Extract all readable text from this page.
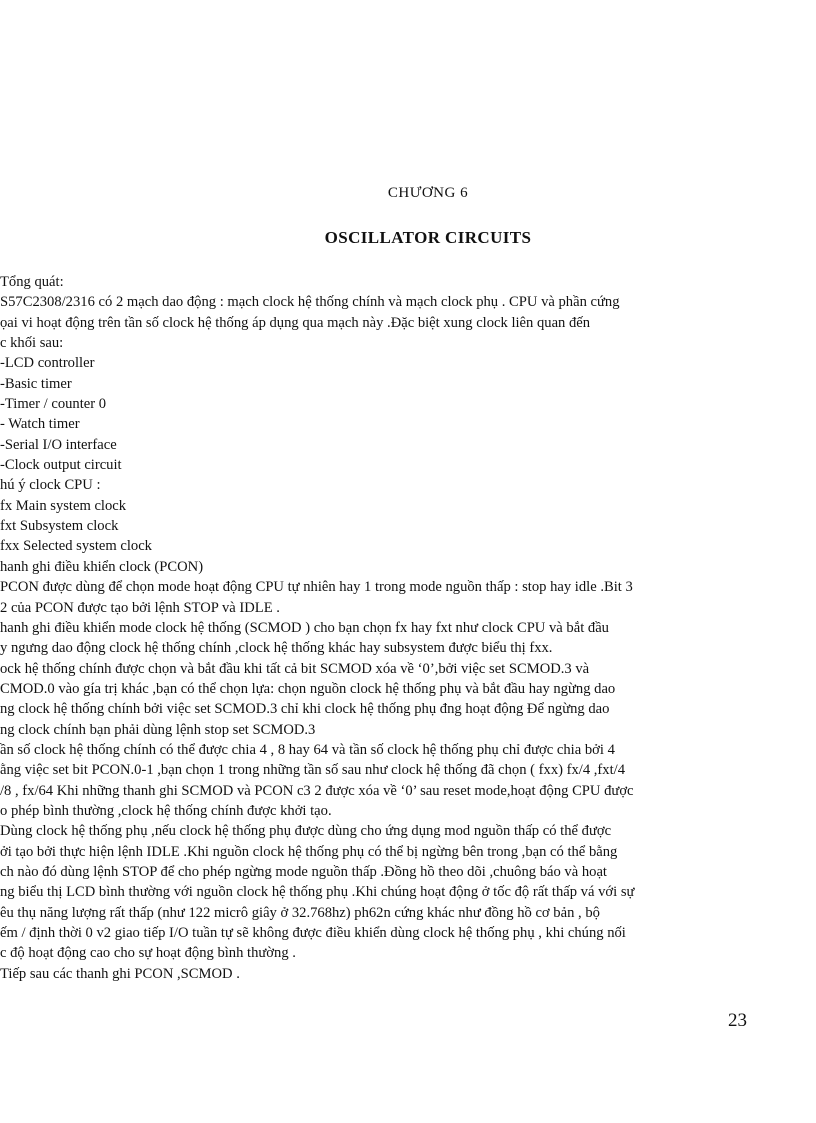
CHƯƠNG 6
OSCILLATOR CIRCUITS
Tổng quát:
S57C2308/2316 có 2 mạch dao động : mạch clock hệ thống chính và mạch clock phụ . CPU và phần cứng
ọai vi hoạt động trên tần số clock hệ thống áp dụng qua mạch này .Đặc biệt xung clock liên quan đến
c khối sau:
-LCD controller
-Basic timer
-Timer / counter 0
- Watch timer
-Serial I/O interface
-Clock output circuit
hú ý clock CPU :
fx Main system clock
fxt Subsystem clock
fxx Selected system clock
hanh ghi điều khiển clock (PCON)
PCON được dùng để chọn mode hoạt động CPU tự nhiên hay 1 trong mode nguồn thấp : stop hay idle .Bit 3
2 của PCON được tạo bởi lệnh STOP và IDLE .
hanh ghi điều khiển mode clock hệ thống (SCMOD ) cho bạn chọn fx hay fxt như clock CPU và bắt đầu
y ngưng dao động clock hệ thống chính ,clock hệ thống khác hay subsystem được biểu thị fxx.
ock hệ thống chính được chọn và bắt đầu khi tất cả bit SCMOD xóa về ‘0’,bởi việc set SCMOD.3 và
CMOD.0 vào gía trị khác ,bạn có thể chọn lựa: chọn nguồn clock hệ thống phụ và bắt đầu hay ngừng dao
ng clock hệ thống chính bởi việc set SCMOD.3 chỉ khi clock hệ thống phụ đng hoạt động Để ngừng dao
ng clock chính bạn phải dùng lệnh stop set SCMOD.3
ần số clock hệ thống chính có thể được chia 4 , 8 hay 64 và tần số clock hệ thống phụ chỉ được chia bởi 4
ằng việc set bit PCON.0-1 ,bạn chọn 1 trong những tần số sau như clock hệ thống đã chọn ( fxx) fx/4 ,fxt/4
/8 , fx/64 Khi những thanh ghi SCMOD và PCON c3 2 được xóa về ‘0’ sau reset mode,hoạt động CPU được
o phép bình thường ,clock hệ thống chính được khởi tạo.
Dùng clock hệ thống phụ ,nếu clock hệ thống phụ được dùng cho ứng dụng mod nguồn thấp có thể được
ởi tạo bởi thực hiện lệnh IDLE .Khi nguồn clock hệ thống phụ có thể bị ngừng bên trong ,bạn có thể bằng
ch nào đó dùng lệnh STOP để cho phép ngừng mode nguồn thấp .Đồng hồ theo dõi ,chuông báo và hoạt
ng biểu thị LCD bình thường với nguồn clock hệ thống phụ .Khi chúng hoạt động ở tốc độ rất thấp vá với sự
êu thụ năng lượng rất thấp (như 122 micrô giây ở 32.768hz) ph62n cứng khác như đồng hồ cơ bản , bộ
ếm / định thời 0 v2 giao tiếp I/O tuần tự sẽ không được điều khiển dùng clock hệ thống phụ , khi chúng nối
c độ hoạt động cao cho sự hoạt động bình thường .
Tiếp sau các thanh ghi PCON ,SCMOD .
23
